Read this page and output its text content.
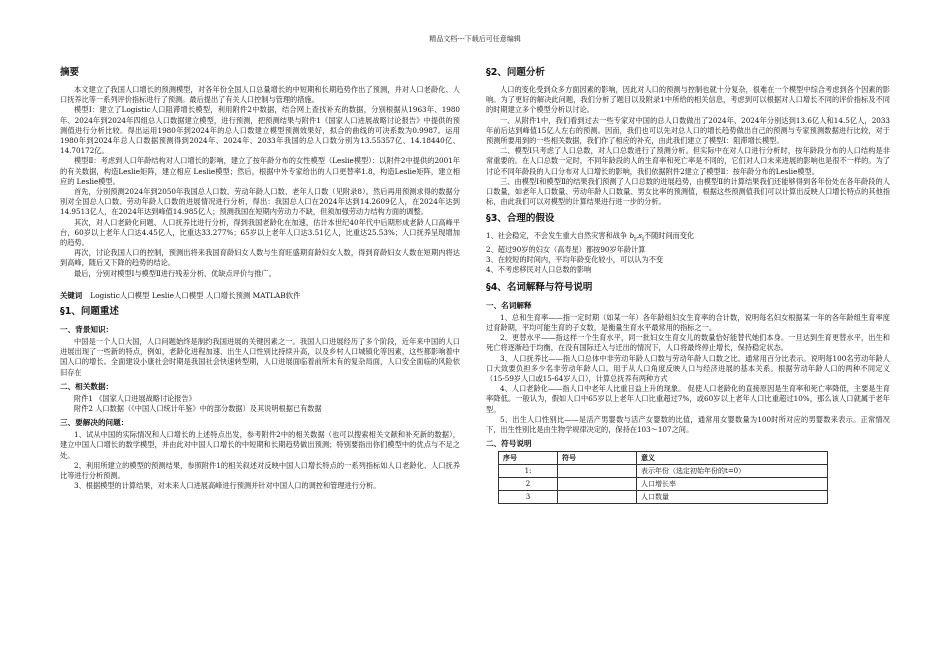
精品文档---下载后可任意编辑
摘要

本文建立了我国人口增长的预测模型，对各年份全国人口总量增长的中短期和长期趋势作出了预测，并对人口老龄化、人口抚养比等一系列评价指标进行了预测。最后提出了有关人口控制与管理的措施。

模型Ⅰ：建立了Logistic人口阻滞增长模型，利用附件2中数据，结合网上查找补充的数据，分别根据从1963年、1980年、2024年到2024年四组总人口数据建立模型，进行预测，把预测结果与附件1《国家人口进展战略讨论报告》中提供的预测值进行分析比较。得出运用1980年到2024年的总人口数建立模型预测效果好，拟合的曲线的可决系数为0.9987。运用1980年到2024年总人口数据预测得到2024年、2024年、2033年我国的总人口数分别为13.55357亿、14.18440亿、14.70172亿。

模型Ⅱ：考虑到人口年龄结构对人口增长的影响，建立了按年龄分布的女性模型（Leslie模型）：以附件2中提供的2001年的有关数据，构造Leslie矩阵，建立相应 Leslie模型；然后，根据中外专家给出的人口更替率1.8，构造Leslie矩阵，建立相应的 Leslie模型。

首先，分别预测2024年到2050年我国总人口数、劳动年龄人口数、老年人口数（见附录8）。然后再用预测求得的数据分别对全国总人口数、劳动年龄人口数的进展情况进行分析，得出：我国总人口在2024年达到14.2609亿人，在2024年达到14.9513亿人，在2024年达到峰值14.985亿人；预测我国在短期内劳动力不缺，但须加强劳动力结构方面的调整。

其次，对人口老龄化问题、人口抚养比进行分析，得到我国老龄化在加速，估计本世纪40年代中后期形成老龄人口高峰平台，60岁以上老年人口达4.45亿人，比重达33.277%；65岁以上老年人口达3.51亿人，比重达25.53%；人口抚养呈现增加的趋势。

再次，讨论我国人口的控制，预测出将来我国育龄妇女人数与生育旺盛期育龄妇女人数，得到育龄妇女人数在短期内将达到高峰，随后又下降的趋势的结论。

最后，分别对模型Ⅰ与模型Ⅱ进行残差分析、优缺点评价与推广。

关键词 Logistic人口模型 Leslie人口模型 人口增长预测 MATLAB软件
§1、问题重述
一、背景知识：

中国是一个人口大国，人口问题始终是制约我国进展的关键因素之一。我国人口进展经历了多个阶段，近年来中国的人口进展出现了一些新的特点，例如，老龄化进程加速、出生人口性别比持续升高，以及乡村人口城镇化等因素，这些都影响着中国人口的增长。全面建设小康社会时期是我国社会快速转型期，人口进展面临着前所未有的复杂局面，人口安全面临的风险依旧存在

二、相关数据：

附件1 《国家人口进展战略讨论报告》

附件2 人口数据（《中国人口统计年鉴》中的部分数据）及其说明根据已有数据

三、要解决的问题：

1、试从中国的实际情况和人口增长的上述特点出发，参考附件2中的相关数据（也可以搜索相关文献和补充新的数据），建立中国人口增长的数学模型，并由此对中国人口增长的中短期和长期趋势做出预测；特别要指出你们模型中的优点与不足之处。

2、利用所建立的模型的预测结果，参照附件1的相关叙述对反映中国人口增长特点的一系列指标如人口老龄化、人口抚养比等进行分析预测。

3、根据模型的计算结果，对未来人口进展高峰进行预测并针对中国人口的调控和管理进行分析。

§2、问题分析

人口的变化受到众多方面因素的影响，因此对人口的预测与控制也就十分复杂，很难在一个模型中综合考虑到各个因素的影响。为了更好的解决此问题，我们分析了题目以及附录1中所给的相关信息，考虑到可以根据对人口增长不同的评价指标及不同的时期建立多个模型分析以讨论。

一、从附件1中，我们看到过去一些专家对中国的总人口数做出了2024年、2024年分别达到13.6亿人和14.5亿人，2033年前后达到峰值15亿人左右的预测。因而，我们也可以先对总人口的增长趋势做出自己的预测与专家预测数据进行比较，对于预测所要用到的一些相关数据，我们作了相应的补充，由此我们建立了模型Ⅰ：阻滞增长模型。

二、模型Ⅰ只考虑了人口总数，对人口总数进行了预测分析。但实际中在对人口进行分析时，按年龄段分布的人口结构是非常重要的。在人口总数一定时，不同年龄段的人的生育率和死亡率是不同的，它们对人口未来进展的影响也是很不一样的。为了讨论不同年龄段的人口分布对人口增长的影响，我们依据附件2建立了模型Ⅱ：按年龄分布的Leslie模型。

三、由模型Ⅰ和模型Ⅱ的结果我们预测了人口总数的进展趋势，由模型Ⅱ的计算结果我们还能够得到各年份处在各年龄段的人口数量，如老年人口数量、劳动年龄人口数量、男女比率的预测值，根据这些预测值我们可以计算出反映人口增长特点的其他指标，由此我们可以对模型的计算结果进行进一步的分析。

§3、合理的假设

1、社会稳定，不会发生重大自然灾害和战争 $b_i,s_i$不随时间而变化

2、超过90岁的妇女（高寿星）都按90岁年龄计算

3、在较短的时间内，平均年龄变化较小，可以认为不变

4、不考虑移民对人口总数的影响

§4、名词解释与符号说明
一、名词解释

1、总和生育率——指一定时期（如某一年）各年龄组妇女生育率的合计数，说明每名妇女根据某一年的各年龄组生育率度过育龄期，平均可能生育的子女数，是衡量生育水平最常用的指标之一。

2、更替水平——指这样一个生育水平，同一批妇女生育女儿的数量恰好能替代她们本身。一旦达到生育更替水平，出生和死亡将逐渐趋于均衡，在没有国际迁入与迁出的情况下，人口将最终停止增长，保持稳定状态。

3、人口抚养比——指人口总体中非劳动年龄人口数与劳动年龄人口数之比。通常用百分比表示。说明每100名劳动年龄人口大致要负担多少名非劳动年龄人口。用于从人口角度反映人口与经济进展的基本关系。根据劳动年龄人口的两种不同定义（15-59岁人口或15-64岁人口），计算总抚养有两种方式

4、人口老龄化——指人口中老年人比重日益上升的现象。 促使人口老龄化的直接原因是生育率和死亡率降低，主要是生育率降低。一般认为，假如人口中65岁以上老年人口比重超过7%，或60岁以上老年人口比重超过10%，那么该人口就属于老年型。

5、出生人口性别比——是活产男婴数与活产女婴数的比值，通常用女婴数量为100时所对应的男婴数来表示。正常情况下，出生性别比是由生物学规律决定的，保持在103～107之间。

二、符号说明
序号	符号	意义
1:		表示年份（选定初始年份的t=0）
2		人口增长率
3		人口数量
